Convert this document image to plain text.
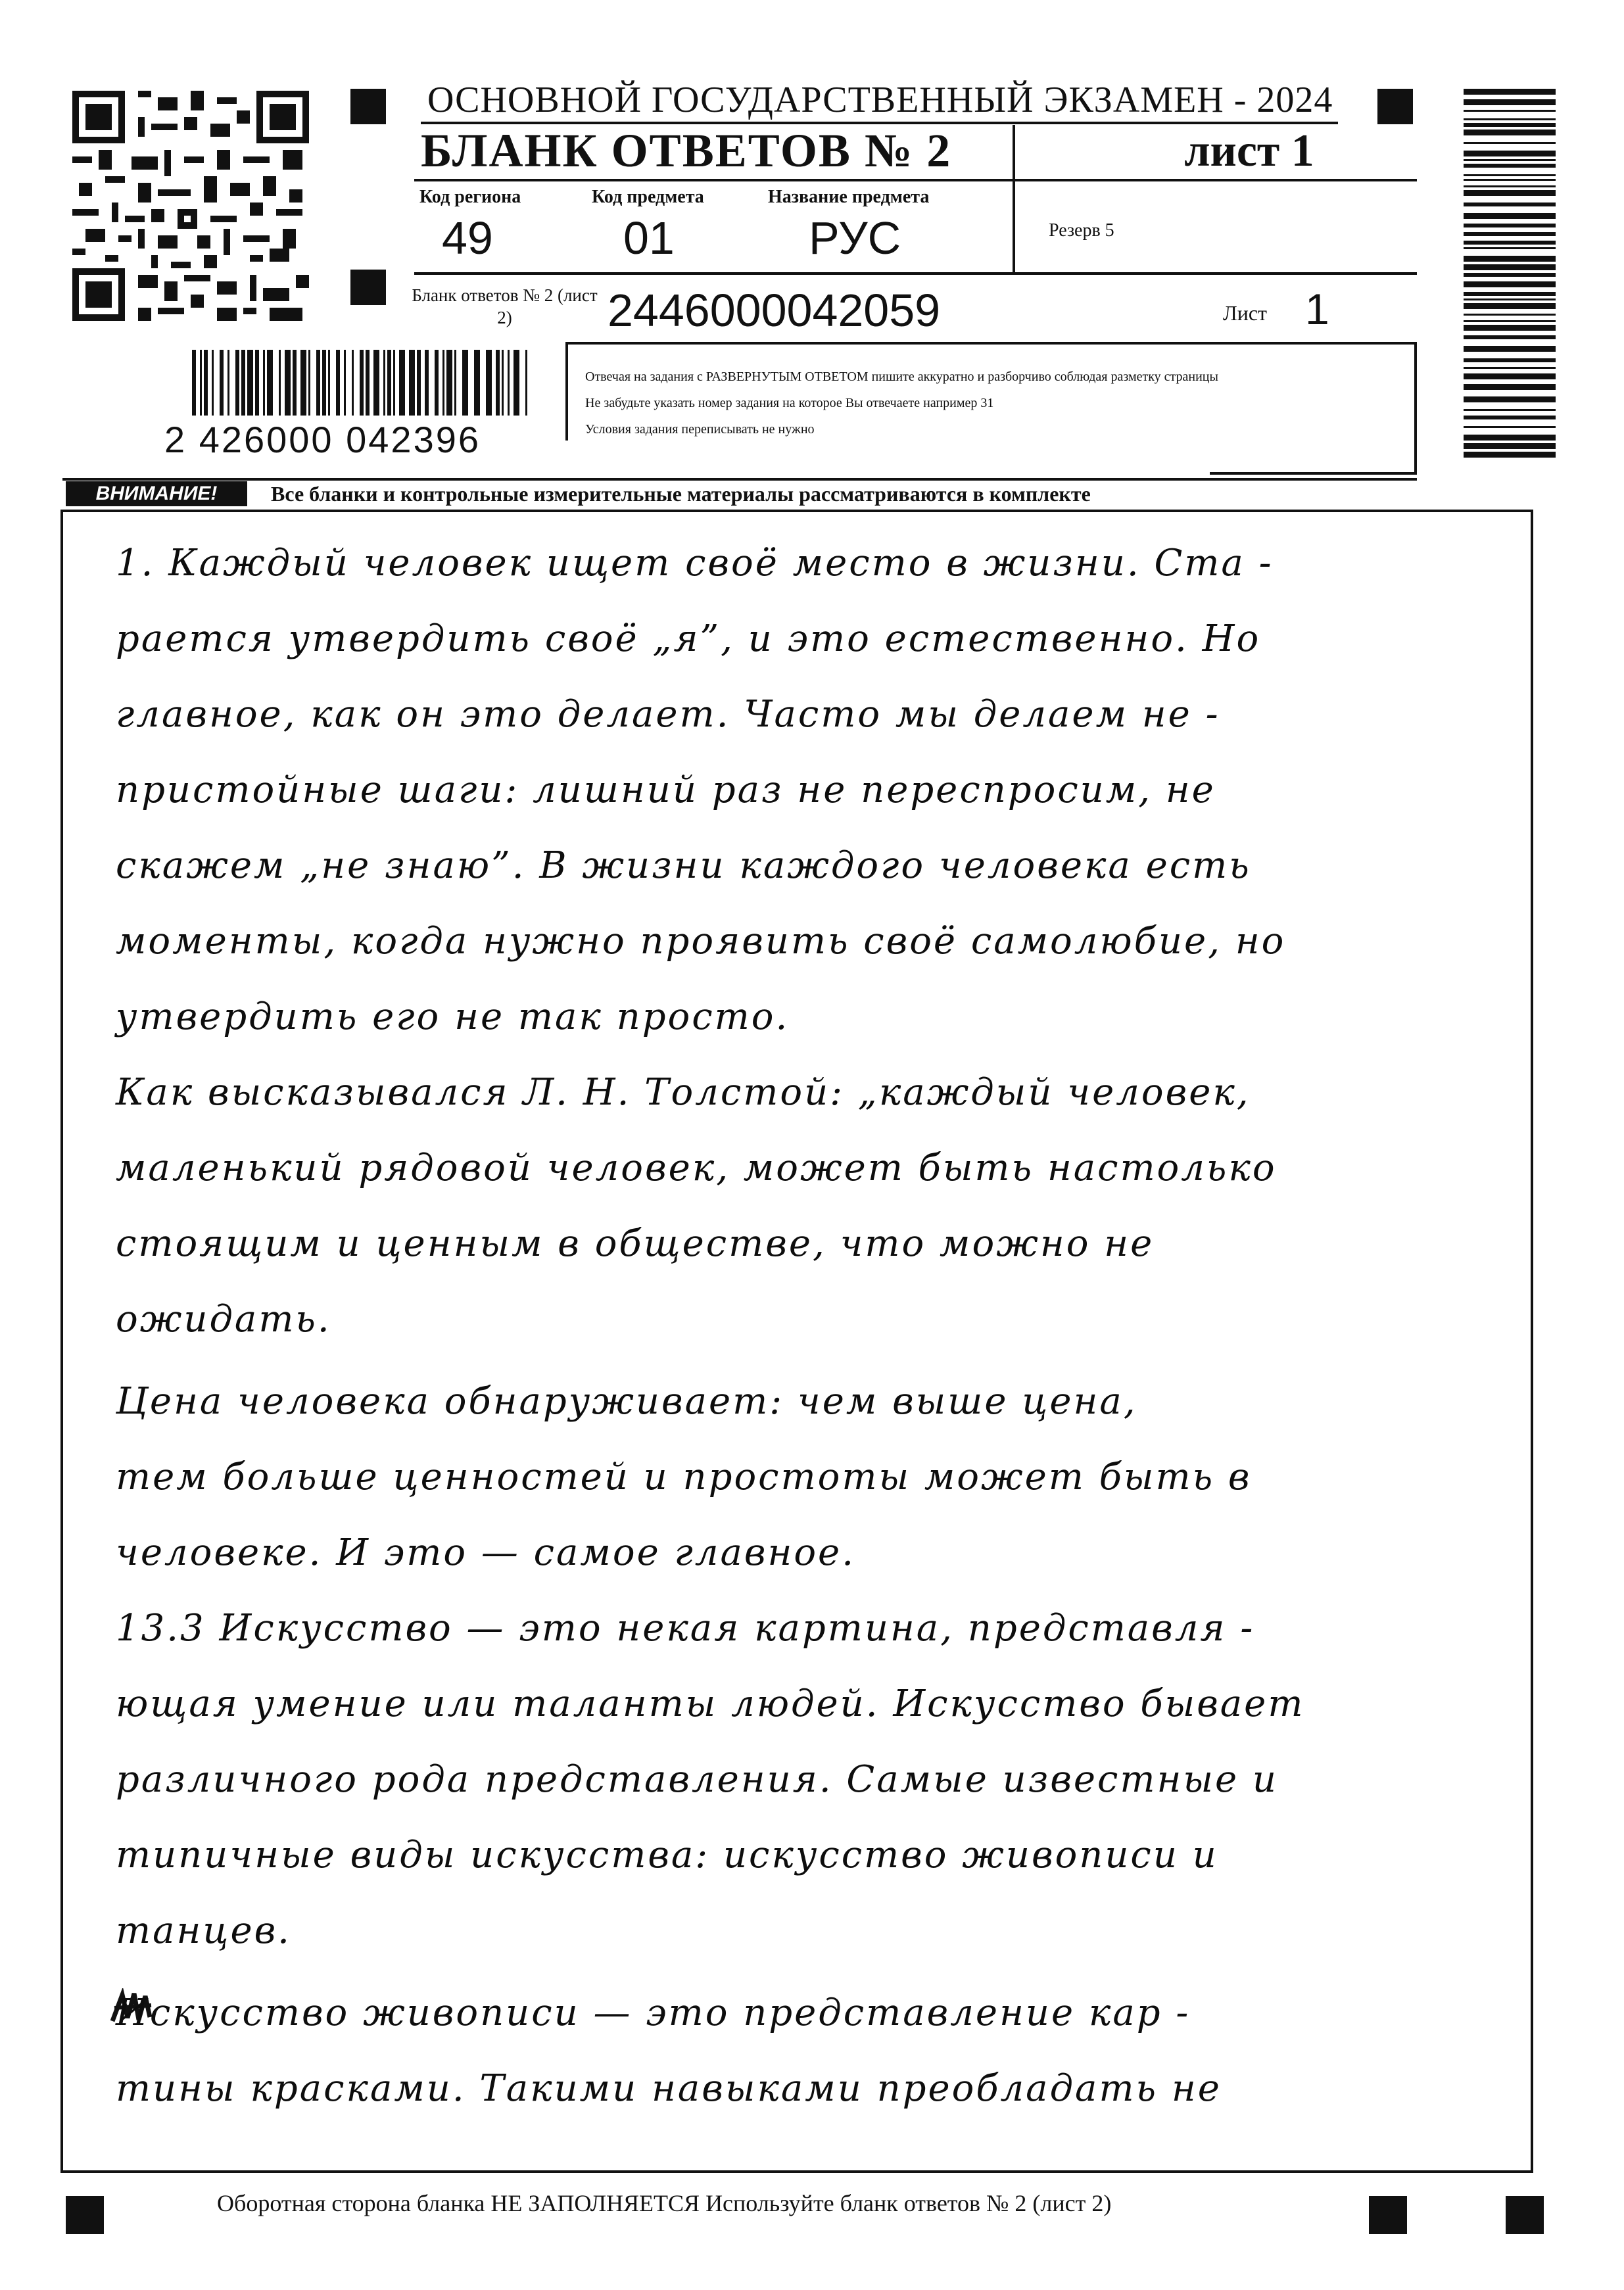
ОСНОВНОЙ ГОСУДАРСТВЕННЫЙ ЭКЗАМЕН - 2024
БЛАНК ОТВЕТОВ № 2	лист 1
Код региона	Код предмета	Название предмета
49	01	РУС	Резерв 5
Бланк ответов № 2 (лист 2)	2446000042059	Лист 1
Отвечая на задания с РАЗВЕРНУТЫМ ОТВЕТОМ пишите аккуратно и разборчиво соблюдая разметку страницы
Не забудьте указать номер задания на которое Вы отвечаете например 31
Условия задания переписывать не нужно
2 426000 042396
ВНИМАНИЕ!	Все бланки и контрольные измерительные материалы рассматриваются в комплекте
1. Каждый человек ищет своё место в жизни. Ста -
рается утвердить своё „я”, и это естественно. Но
главное, как он это делает. Часто мы делаем не -
пристойные шаги: лишний раз не переспросим, не
скажем „не знаю”. В жизни каждого человека есть
моменты, когда нужно проявить своё самолюбие, но
утвердить его не так просто.
Как высказывался Л. Н. Толстой: „каждый человек,
маленький рядовой человек, может быть настолько
стоящим и ценным в обществе, что можно не
ожидать.
Цена человека обнаруживает: чем выше цена,
тем больше ценностей и простоты может быть в
человеке. И это — самое главное.
13.3 Искусство — это некая картина, представля -
ющая умение или таланты людей. Искусство бывает
различного рода представления. Самые известные и
типичные виды искусства: искусство живописи и
танцев.
Искусство живописи — это представление кар -
тины красками. Такими навыками преобладать не
Оборотная сторона бланка НЕ ЗАПОЛНЯЕТСЯ Используйте бланк ответов № 2 (лист 2)
